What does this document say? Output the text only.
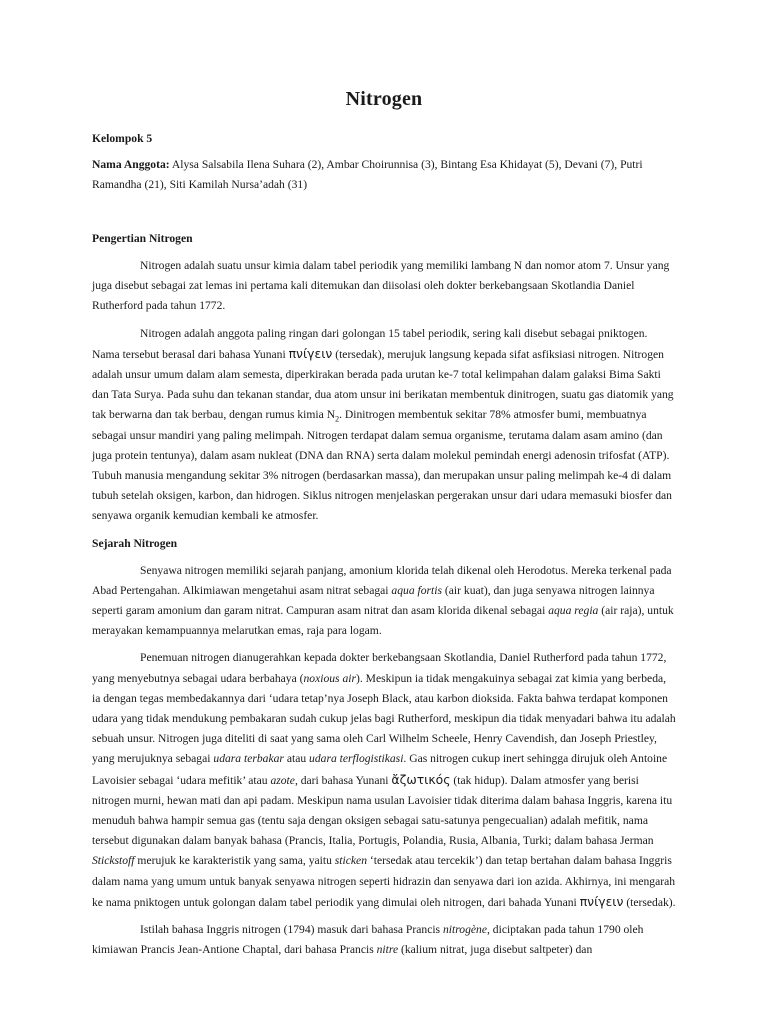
Nitrogen

Kelompok 5

Nama Anggota: Alysa Salsabila Ilena Suhara (2), Ambar Choirunnisa (3), Bintang Esa Khidayat (5), Devani (7), Putri Ramandha (21), Siti Kamilah Nursa’adah (31)

Pengertian Nitrogen

Nitrogen adalah suatu unsur kimia dalam tabel periodik yang memiliki lambang N dan nomor atom 7. Unsur yang juga disebut sebagai zat lemas ini pertama kali ditemukan dan diisolasi oleh dokter berkebangsaan Skotlandia Daniel Rutherford pada tahun 1772.

Nitrogen adalah anggota paling ringan dari golongan 15 tabel periodik, sering kali disebut sebagai pniktogen. Nama tersebut berasal dari bahasa Yunani πνίγειν (tersedak), merujuk langsung kepada sifat asfiksiasi nitrogen. Nitrogen adalah unsur umum dalam alam semesta, diperkirakan berada pada urutan ke-7 total kelimpahan dalam galaksi Bima Sakti dan Tata Surya. Pada suhu dan tekanan standar, dua atom unsur ini berikatan membentuk dinitrogen, suatu gas diatomik yang tak berwarna dan tak berbau, dengan rumus kimia $N_2$. Dinitrogen membentuk sekitar 78% atmosfer bumi, membuatnya sebagai unsur mandiri yang paling melimpah. Nitrogen terdapat dalam semua organisme, terutama dalam asam amino (dan juga protein tentunya), dalam asam nukleat (DNA dan RNA) serta dalam molekul pemindah energi adenosin trifosfat (ATP). Tubuh manusia mengandung sekitar 3% nitrogen (berdasarkan massa), dan merupakan unsur paling melimpah ke-4 di dalam tubuh setelah oksigen, karbon, dan hidrogen. Siklus nitrogen menjelaskan pergerakan unsur dari udara memasuki biosfer dan senyawa organik kemudian kembali ke atmosfer.

Sejarah Nitrogen

Senyawa nitrogen memiliki sejarah panjang, amonium klorida telah dikenal oleh Herodotus. Mereka terkenal pada Abad Pertengahan. Alkimiawan mengetahui asam nitrat sebagai aqua fortis (air kuat), dan juga senyawa nitrogen lainnya seperti garam amonium dan garam nitrat. Campuran asam nitrat dan asam klorida dikenal sebagai aqua regia (air raja), untuk merayakan kemampuannya melarutkan emas, raja para logam.

Penemuan nitrogen dianugerahkan kepada dokter berkebangsaan Skotlandia, Daniel Rutherford pada tahun 1772, yang menyebutnya sebagai udara berbahaya (noxious air). Meskipun ia tidak mengakuinya sebagai zat kimia yang berbeda, ia dengan tegas membedakannya dari ‘udara tetap’nya Joseph Black, atau karbon dioksida. Fakta bahwa terdapat komponen udara yang tidak mendukung pembakaran sudah cukup jelas bagi Rutherford, meskipun dia tidak menyadari bahwa itu adalah sebuah unsur. Nitrogen juga diteliti di saat yang sama oleh Carl Wilhelm Scheele, Henry Cavendish, dan Joseph Priestley, yang merujuknya sebagai udara terbakar atau udara terflogistikasi. Gas nitrogen cukup inert sehingga dirujuk oleh Antoine Lavoisier sebagai ‘udara mefitik’ atau azote, dari bahasa Yunani ἄζωτικός (tak hidup). Dalam atmosfer yang berisi nitrogen murni, hewan mati dan api padam. Meskipun nama usulan Lavoisier tidak diterima dalam bahasa Inggris, karena itu menuduh bahwa hampir semua gas (tentu saja dengan oksigen sebagai satu-satunya pengecualian) adalah mefitik, nama tersebut digunakan dalam banyak bahasa (Prancis, Italia, Portugis, Polandia, Rusia, Albania, Turki; dalam bahasa Jerman Stickstoff merujuk ke karakteristik yang sama, yaitu sticken ‘tersedak atau tercekik’) dan tetap bertahan dalam bahasa Inggris dalam nama yang umum untuk banyak senyawa nitrogen seperti hidrazin dan senyawa dari ion azida. Akhirnya, ini mengarah ke nama pniktogen untuk golongan dalam tabel periodik yang dimulai oleh nitrogen, dari bahada Yunani πνίγειν (tersedak).

Istilah bahasa Inggris nitrogen (1794) masuk dari bahasa Prancis nitrogène, diciptakan pada tahun 1790 oleh kimiawan Prancis Jean-Antione Chaptal, dari bahasa Prancis nitre (kalium nitrat, juga disebut saltpeter) dan
